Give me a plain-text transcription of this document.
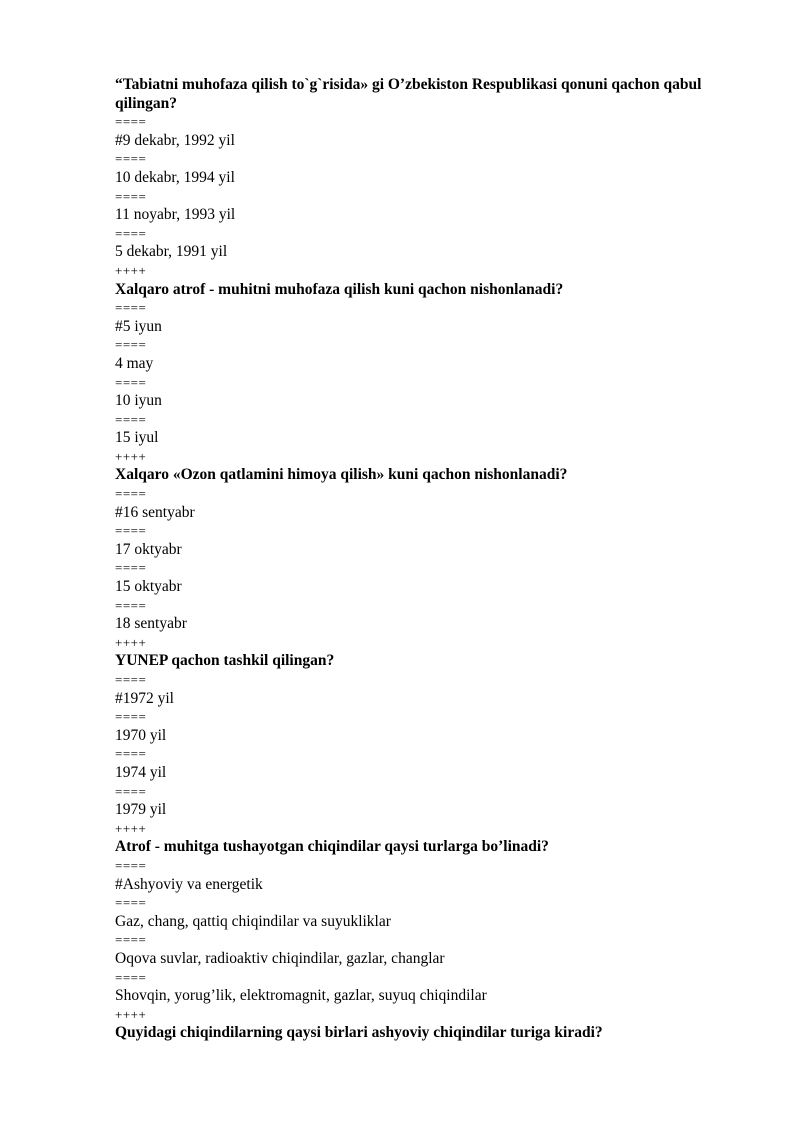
“Tabiatni muhofaza qilish to`g`risida» gi O’zbekiston Respublikasi qonuni qachon qabul qilingan?
====
#9 dekabr, 1992 yil
====
10 dekabr, 1994 yil
====
11 noyabr, 1993 yil
====
5 dekabr, 1991 yil
++++
Xalqaro atrof - muhitni muhofaza qilish kuni qachon nishonlanadi?
====
#5 iyun
====
4 may
====
10 iyun
====
15 iyul
++++
Xalqaro «Ozon qatlamini himoya qilish» kuni qachon nishonlanadi?
====
#16 sentyabr
====
17 oktyabr
====
15 oktyabr
====
18 sentyabr
++++
YUNEP qachon tashkil qilingan?
====
#1972 yil
====
1970 yil
====
1974 yil
====
1979 yil
++++
Atrof - muhitga tushayotgan chiqindilar qaysi turlarga bo’linadi?
====
#Ashyoviy va energetik
====
Gaz, chang, qattiq chiqindilar va suyukliklar
====
Oqova suvlar, radioaktiv chiqindilar, gazlar, changlar
====
Shovqin, yorug’lik, elektromagnit, gazlar, suyuq chiqindilar
++++
Quyidagi chiqindilarning qaysi birlari ashyoviy chiqindilar turiga kiradi?
